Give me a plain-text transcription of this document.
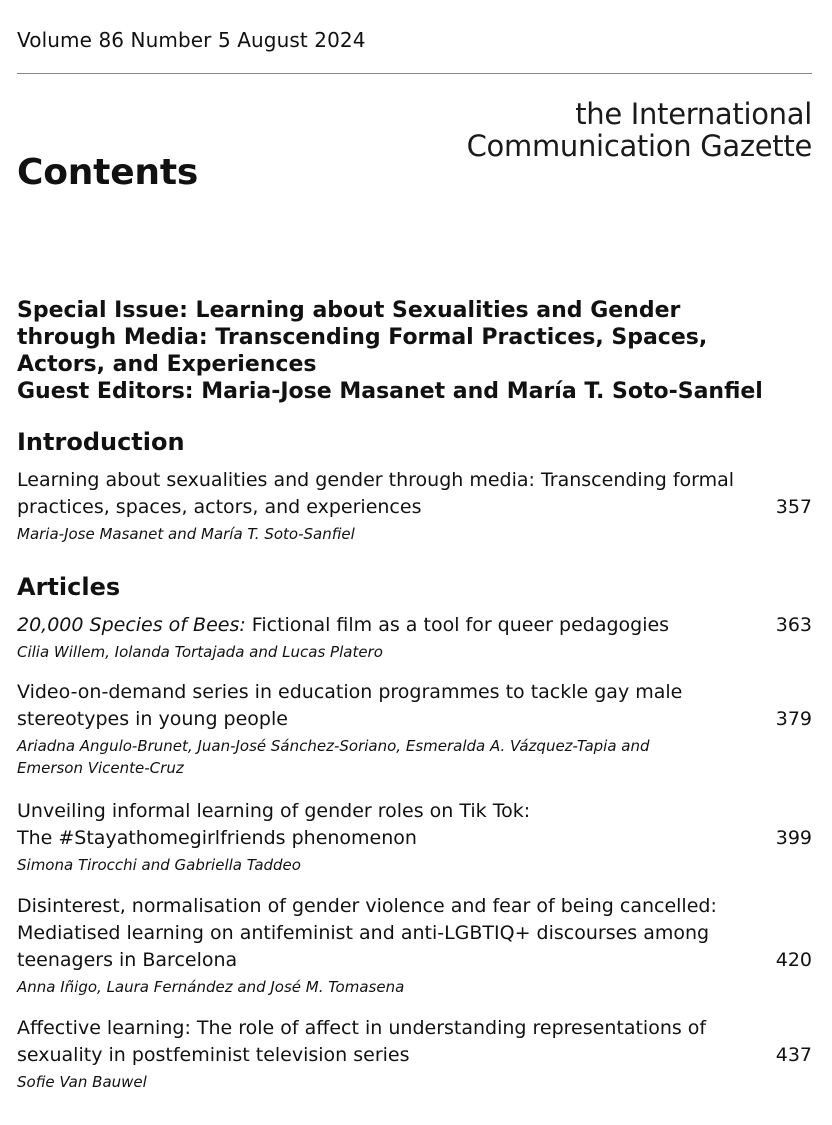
Volume 86 Number 5 August 2024
the International
Communication Gazette
Contents
Special Issue: Learning about Sexualities and Gender
through Media: Transcending Formal Practices, Spaces,
Actors, and Experiences
Guest Editors: Maria-Jose Masanet and María T. Soto-Sanfiel
Introduction
Learning about sexualities and gender through media: Transcending formal
practices, spaces, actors, and experiences	357
Maria-Jose Masanet and María T. Soto-Sanfiel
Articles
20,000 Species of Bees: Fictional film as a tool for queer pedagogies	363
Cilia Willem, Iolanda Tortajada and Lucas Platero
Video-on-demand series in education programmes to tackle gay male
stereotypes in young people	379
Ariadna Angulo-Brunet, Juan-José Sánchez-Soriano, Esmeralda A. Vázquez-Tapia and
Emerson Vicente-Cruz
Unveiling informal learning of gender roles on Tik Tok:
The #Stayathomegirlfriends phenomenon	399
Simona Tirocchi and Gabriella Taddeo
Disinterest, normalisation of gender violence and fear of being cancelled:
Mediatised learning on antifeminist and anti-LGBTIQ+ discourses among
teenagers in Barcelona	420
Anna Iñigo, Laura Fernández and José M. Tomasena
Affective learning: The role of affect in understanding representations of
sexuality in postfeminist television series	437
Sofie Van Bauwel
